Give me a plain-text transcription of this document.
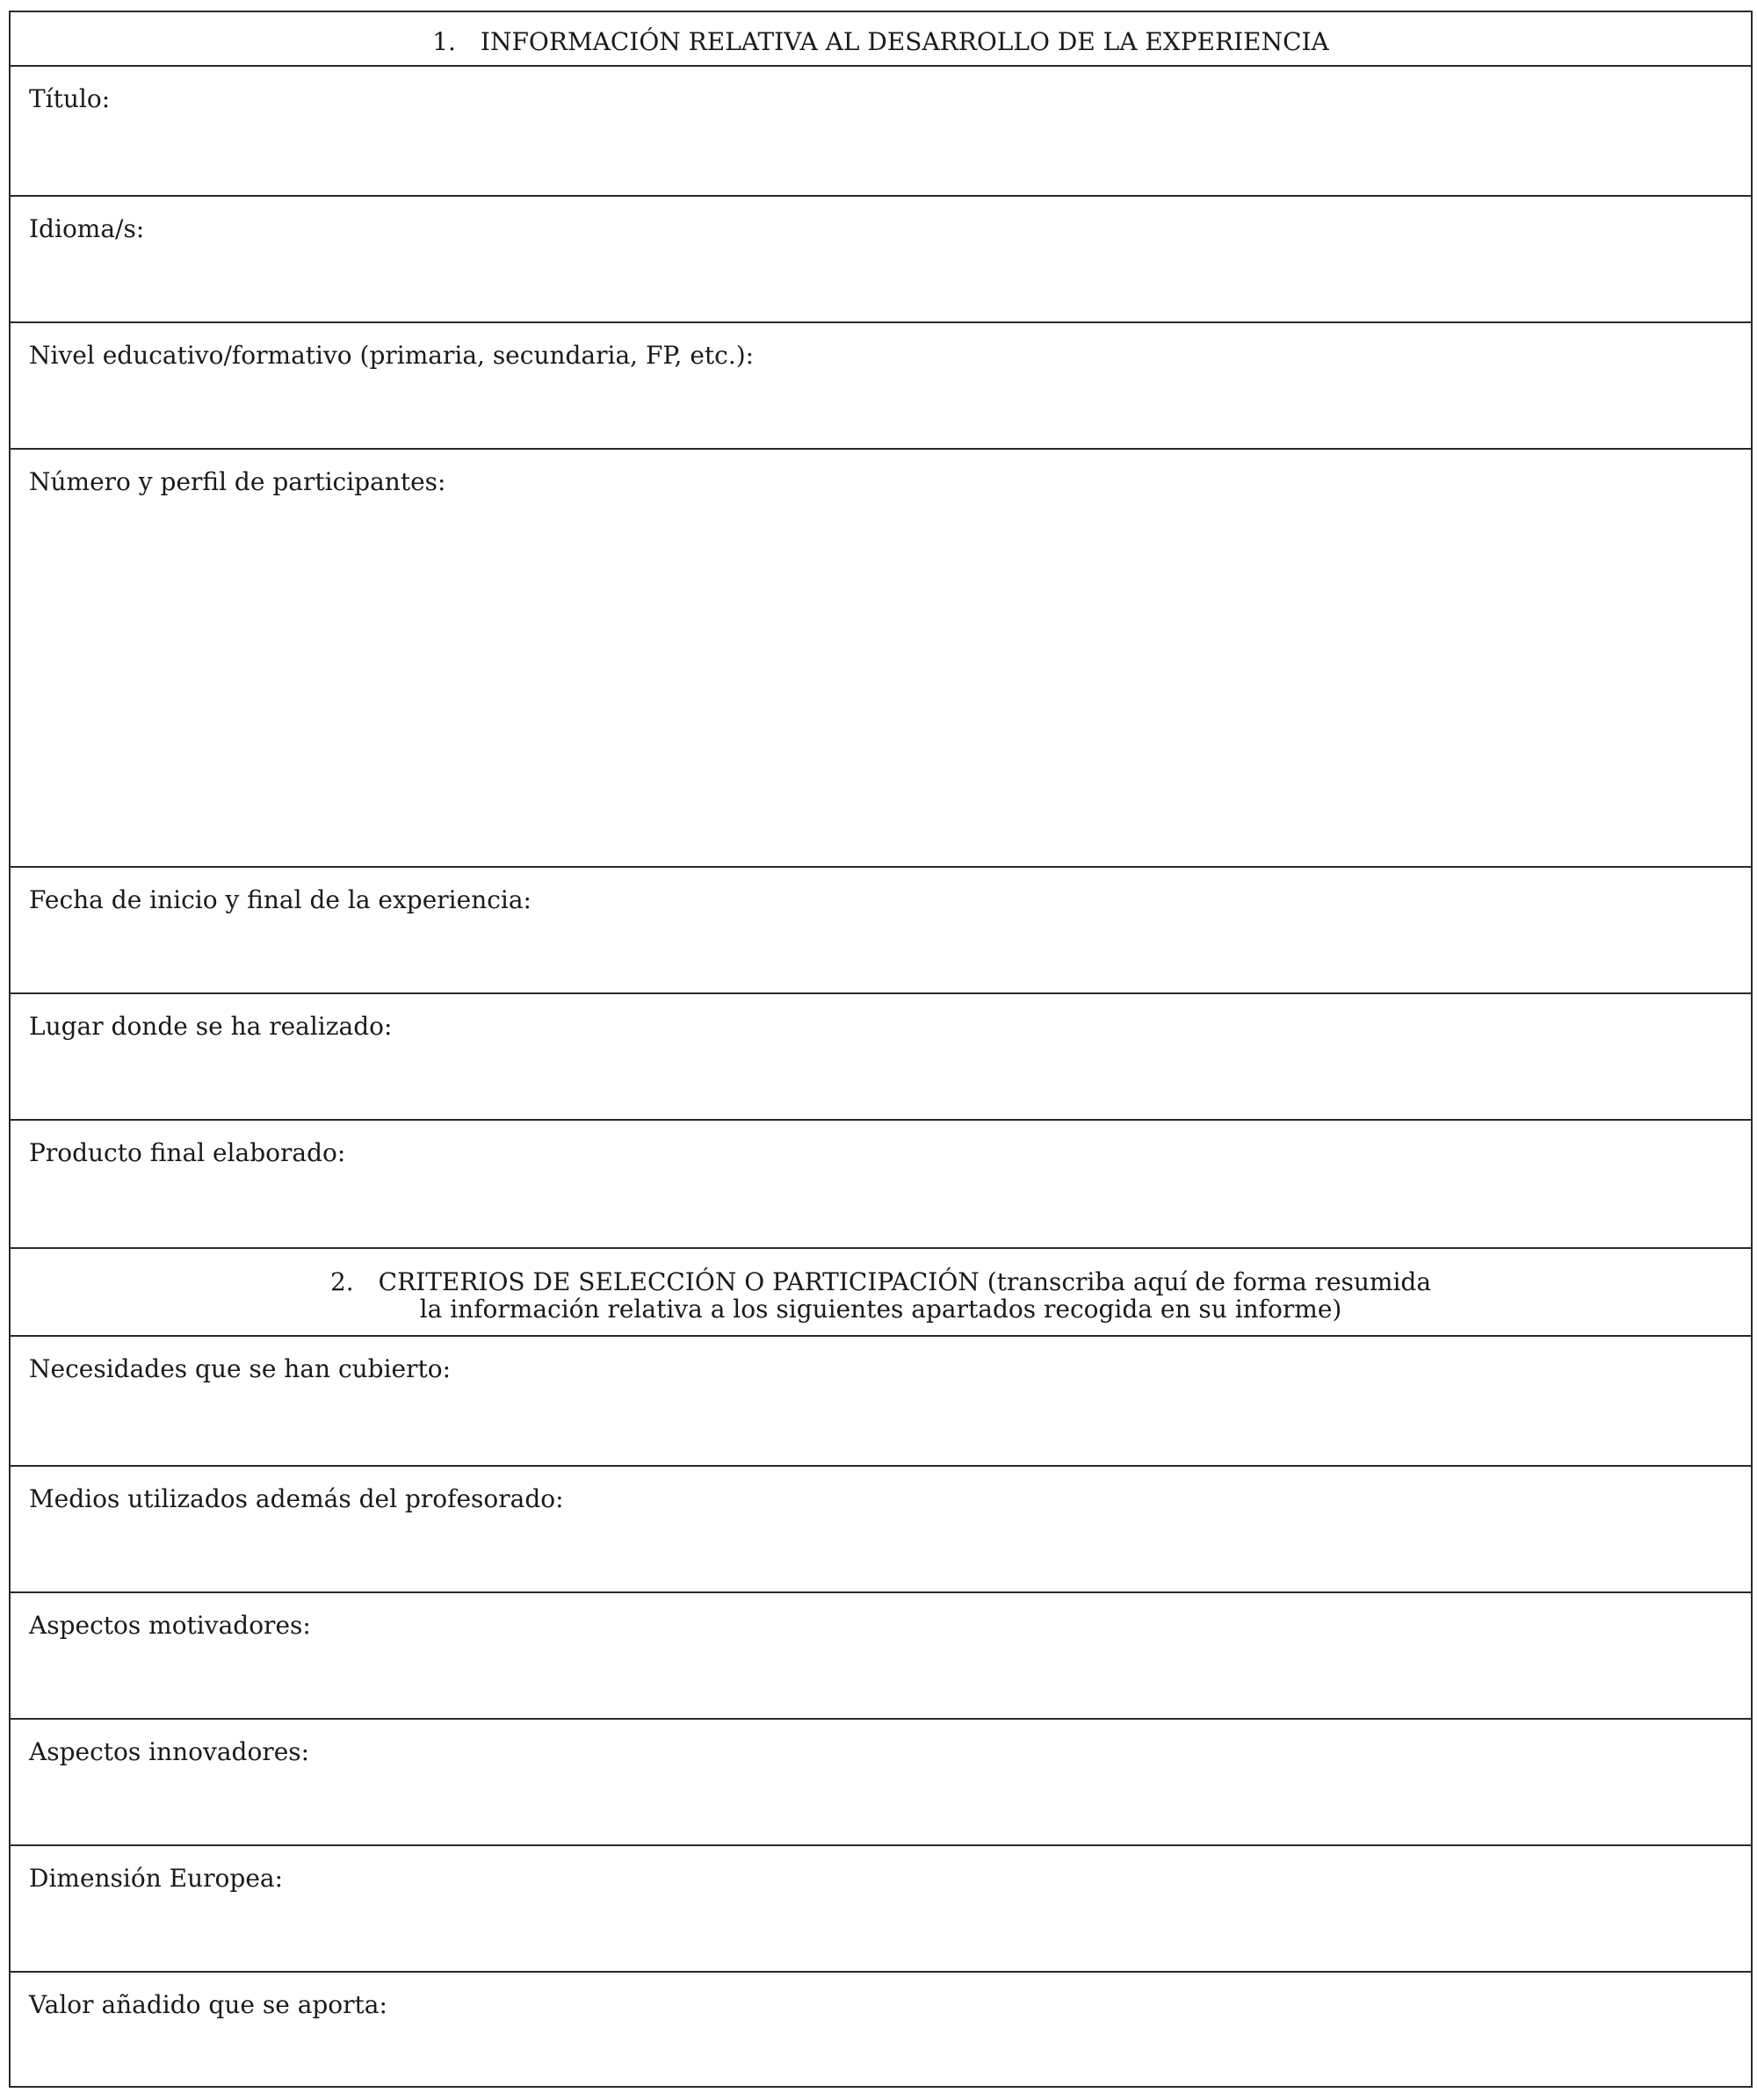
1. INFORMACIÓN RELATIVA AL DESARROLLO DE LA EXPERIENCIA
Título:
Idioma/s:
Nivel educativo/formativo (primaria, secundaria, FP, etc.):
Número y perfil de participantes:
Fecha de inicio y final de la experiencia:
Lugar donde se ha realizado:
Producto final elaborado:
2. CRITERIOS DE SELECCIÓN O PARTICIPACIÓN (transcriba aquí de forma resumida
la información relativa a los siguientes apartados recogida en su informe)
Necesidades que se han cubierto:
Medios utilizados además del profesorado:
Aspectos motivadores:
Aspectos innovadores:
Dimensión Europea:
Valor añadido que se aporta:
